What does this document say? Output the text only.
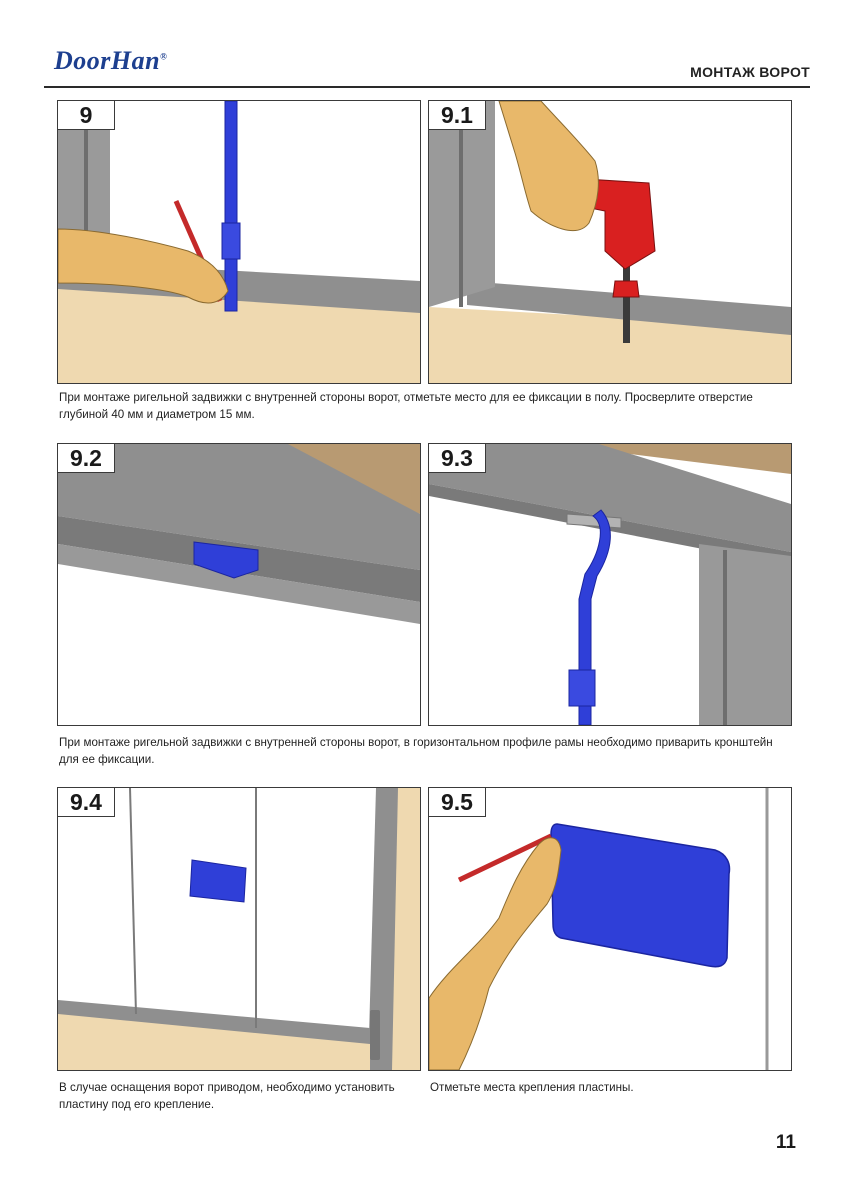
DoorHan®
МОНТАЖ ВОРОТ
9	9.1
При монтаже ригельной задвижки с внутренней стороны ворот, отметьте место для ее фиксации в полу. Просверлите отверстие глубиной 40 мм и диаметром 15 мм.
9.2	9.3
При монтаже ригельной задвижки с внутренней стороны ворот, в горизонтальном профиле рамы необходимо приварить кронштейн для ее фиксации.
9.4	9.5
В случае оснащения ворот приводом, необходимо установить пластину под его крепление.
Отметьте места крепления пластины.
11
